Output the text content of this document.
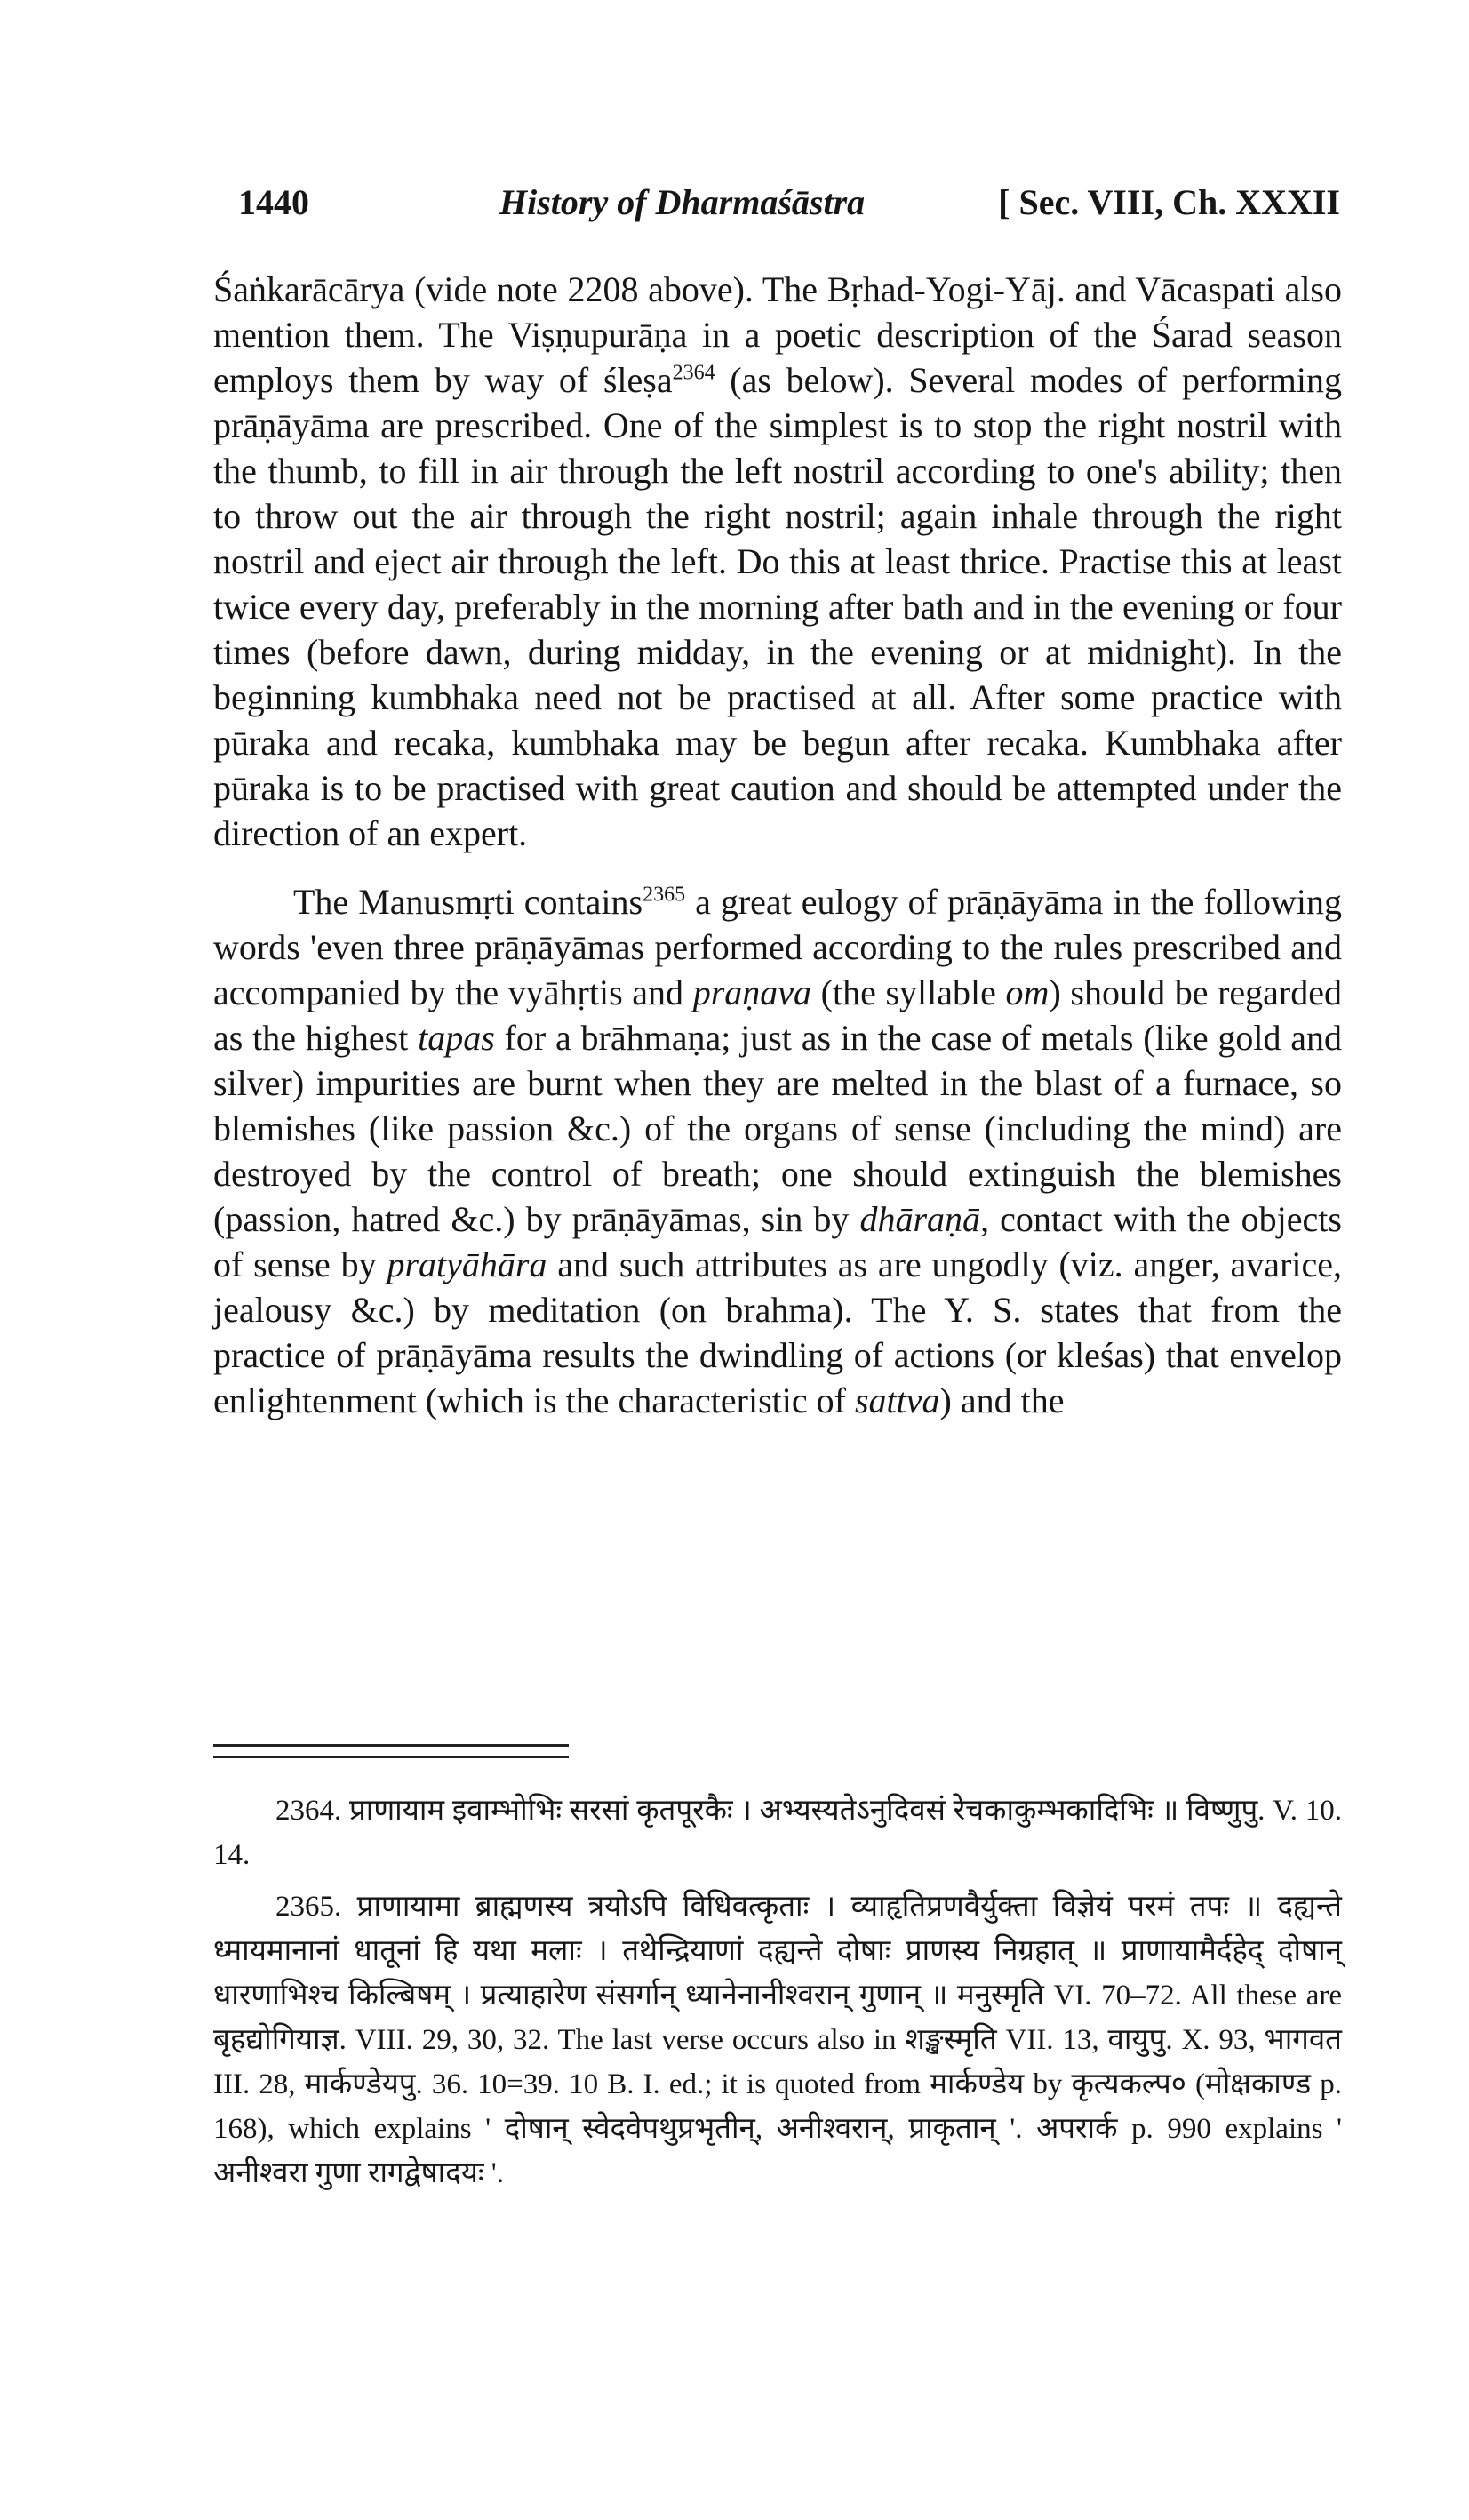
1440	History of Dharmaśāstra	[ Sec. VIII, Ch. XXXII

Śaṅkarācārya (vide note 2208 above). The Bṛhad-Yogi-Yāj. and Vācaspati also mention them. The Viṣṇupurāṇa in a poetic description of the Śarad season employs them by way of śleṣa$^{2364}$ (as below). Several modes of performing prāṇāyāma are prescribed. One of the simplest is to stop the right nostril with the thumb, to fill in air through the left nostril according to one's ability; then to throw out the air through the right nostril; again inhale through the right nostril and eject air through the left. Do this at least thrice. Practise this at least twice every day, preferably in the morning after bath and in the evening or four times (before dawn, during midday, in the evening or at midnight). In the beginning kumbhaka need not be practised at all. After some practice with pūraka and recaka, kumbhaka may be begun after recaka. Kumbhaka after pūraka is to be practised with great caution and should be attempted under the direction of an expert.

The Manusmṛti contains$^{2365}$ a great eulogy of prāṇāyāma in the following words 'even three prāṇāyāmas performed according to the rules prescribed and accompanied by the vyāhṛtis and praṇava (the syllable om) should be regarded as the highest tapas for a brāhmaṇa; just as in the case of metals (like gold and silver) impurities are burnt when they are melted in the blast of a furnace, so blemishes (like passion &c.) of the organs of sense (including the mind) are destroyed by the control of breath; one should extinguish the blemishes (passion, hatred &c.) by prāṇāyāmas, sin by dhāraṇā, contact with the objects of sense by pratyāhāra and such attributes as are ungodly (viz. anger, avarice, jealousy &c.) by meditation (on brahma). The Y. S. states that from the practice of prāṇāyāma results the dwindling of actions (or kleśas) that envelop enlightenment (which is the characteristic of sattva) and the

2364. प्राणायाम इवाम्भोभिः सरसां कृतपूरकैः । अभ्यस्यतेऽनुदिवसं रेचकाकुम्भकादिभिः ॥ विष्णुपु. V. 10. 14.

2365. प्राणायामा ब्राह्मणस्य त्रयोऽपि विधिवत्कृताः । व्याहृतिप्रणवैर्युक्ता विज्ञेयं परमं तपः ॥ दह्यन्ते ध्मायमानानां धातूनां हि यथा मलाः । तथेन्द्रियाणां दह्यन्ते दोषाः प्राणस्य निग्रहात् ॥ प्राणायामैर्दहेद् दोषान् धारणाभिश्च किल्बिषम् । प्रत्याहारेण संसर्गान् ध्यानेनानीश्वरान् गुणान् ॥ मनुस्मृति VI. 70–72. All these are बृहद्योगियाज्ञ. VIII. 29, 30, 32. The last verse occurs also in शङ्खस्मृति VII. 13, वायुपु. X. 93, भागवत III. 28, मार्कण्डेयपु. 36. 10=39. 10 B. I. ed.; it is quoted from मार्कण्डेय by कृत्यकल्प० (मोक्षकाण्ड p. 168), which explains ' दोषान् स्वेदवेपथुप्रभृतीन्, अनीश्वरान्, प्राकृतान् '. अपरार्क p. 990 explains ' अनीश्वरा गुणा रागद्वेषादयः '.
